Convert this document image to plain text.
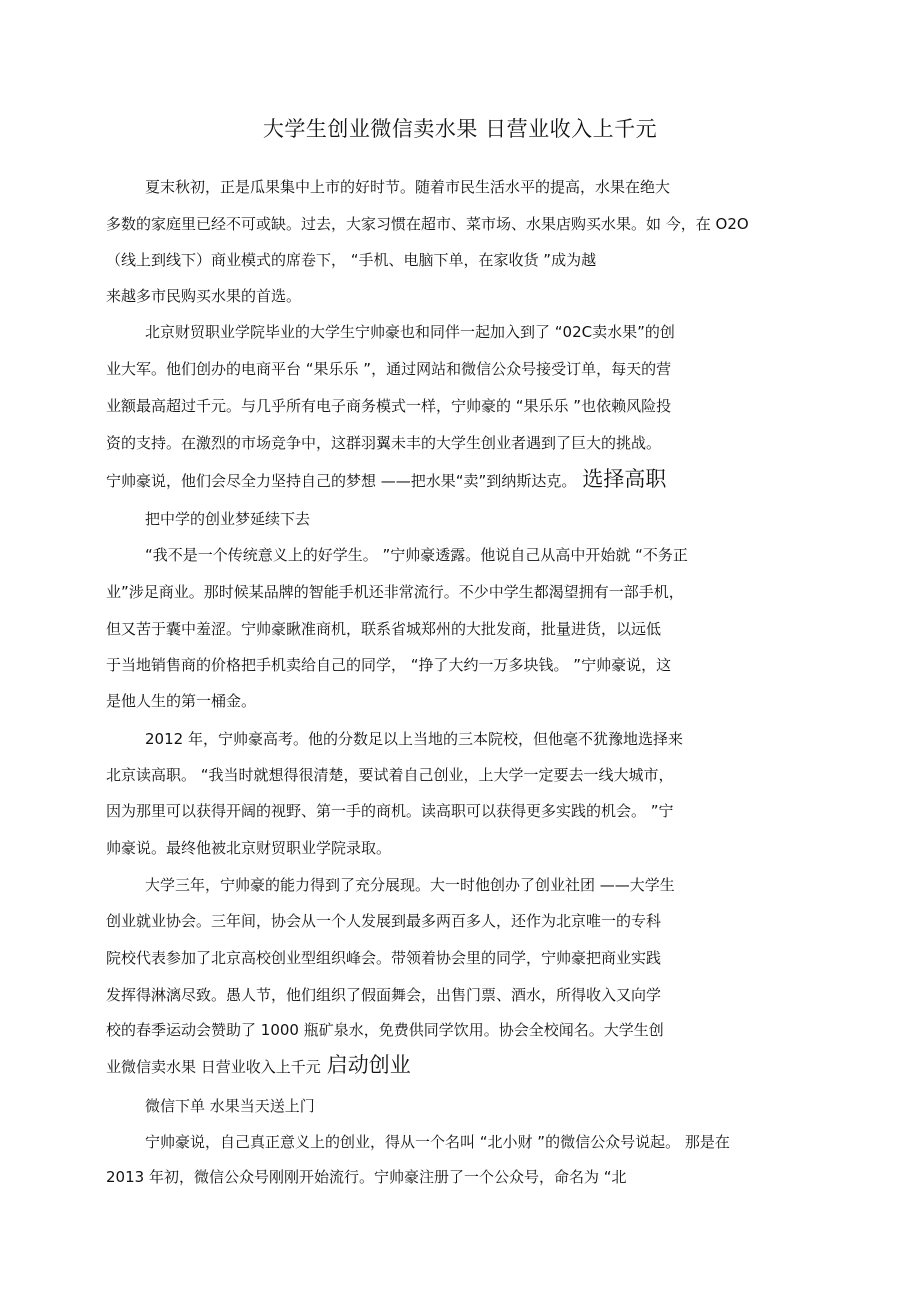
大学生创业微信卖水果 日营业收入上千元
夏末秋初，正是瓜果集中上市的好时节。随着市民生活水平的提高，水果在绝大
多数的家庭里已经不可或缺。过去，大家习惯在超市、菜市场、水果店购买水果。如 今，在 O2O
（线上到线下）商业模式的席卷下， “手机、电脑下单，在家收货 ”成为越
来越多市民购买水果的首选。
北京财贸职业学院毕业的大学生宁帅豪也和同伴一起加入到了 “02C卖水果”的创
业大军。他们创办的电商平台 “果乐乐 ”，通过网站和微信公众号接受订单，每天的营
业额最高超过千元。与几乎所有电子商务模式一样，宁帅豪的 “果乐乐 ”也依赖风险投
资的支持。在激烈的市场竞争中，这群羽翼未丰的大学生创业者遇到了巨大的挑战。
宁帅豪说，他们会尽全力坚持自己的梦想 ——把水果“卖”到纳斯达克。 选择高职
把中学的创业梦延续下去
“我不是一个传统意义上的好学生。 ”宁帅豪透露。他说自己从高中开始就 “不务正
业”涉足商业。那时候某品牌的智能手机还非常流行。不少中学生都渴望拥有一部手机，
但又苦于囊中羞涩。宁帅豪瞅准商机，联系省城郑州的大批发商，批量进货，以远低
于当地销售商的价格把手机卖给自己的同学， “挣了大约一万多块钱。 ”宁帅豪说，这
是他人生的第一桶金。
2012 年，宁帅豪高考。他的分数足以上当地的三本院校，但他毫不犹豫地选择来
北京读高职。 “我当时就想得很清楚，要试着自己创业，上大学一定要去一线大城市，
因为那里可以获得开阔的视野、第一手的商机。读高职可以获得更多实践的机会。 ”宁
帅豪说。最终他被北京财贸职业学院录取。
大学三年，宁帅豪的能力得到了充分展现。大一时他创办了创业社团 ——大学生
创业就业协会。三年间，协会从一个人发展到最多两百多人，还作为北京唯一的专科
院校代表参加了北京高校创业型组织峰会。带领着协会里的同学，宁帅豪把商业实践
发挥得淋漓尽致。愚人节，他们组织了假面舞会，出售门票、酒水，所得收入又向学
校的春季运动会赞助了 1000 瓶矿泉水，免费供同学饮用。协会全校闻名。大学生创
业微信卖水果 日营业收入上千元 启动创业
微信下单 水果当天送上门
宁帅豪说，自己真正意义上的创业，得从一个名叫 “北小财 ”的微信公众号说起。 那是在
2013 年初，微信公众号刚刚开始流行。宁帅豪注册了一个公众号，命名为 “北
